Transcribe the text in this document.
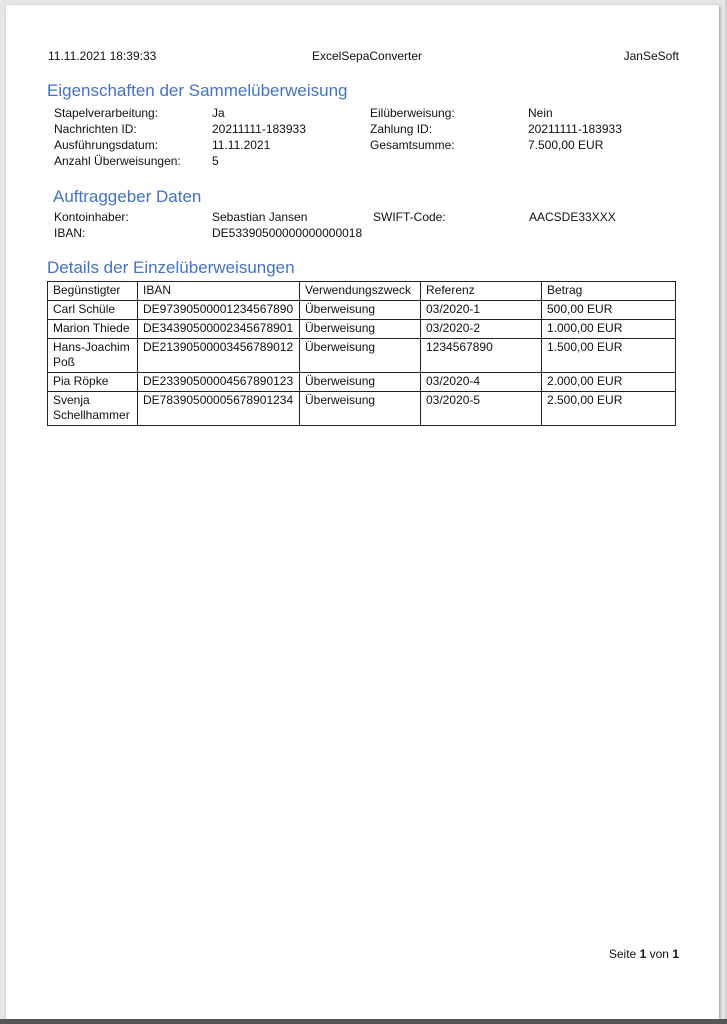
11.11.2021 18:39:33	ExcelSepaConverter	JanSeSoft
Eigenschaften der Sammelüberweisung
Stapelverarbeitung:	Ja	Eilüberweisung:	Nein
Nachrichten ID:	20211111-183933	Zahlung ID:	20211111-183933
Ausführungsdatum:	11.11.2021	Gesamtsumme:	7.500,00 EUR
Anzahl Überweisungen:	5
Auftraggeber Daten
Kontoinhaber:	Sebastian Jansen	SWIFT-Code:	AACSDE33XXX
IBAN:	DE53390500000000000018
Details der Einzelüberweisungen
Begünstigter	IBAN	Verwendungszweck	Referenz	Betrag
Carl Schüle	DE97390500001234567890	Überweisung	03/2020-1	500,00 EUR
Marion Thiede	DE34390500002345678901	Überweisung	03/2020-2	1.000,00 EUR
Hans-Joachim Poß	DE21390500003456789012	Überweisung	1234567890	1.500,00 EUR
Pia Röpke	DE23390500004567890123	Überweisung	03/2020-4	2.000,00 EUR
Svenja Schellhammer	DE78390500005678901234	Überweisung	03/2020-5	2.500,00 EUR
Seite 1 von 1
